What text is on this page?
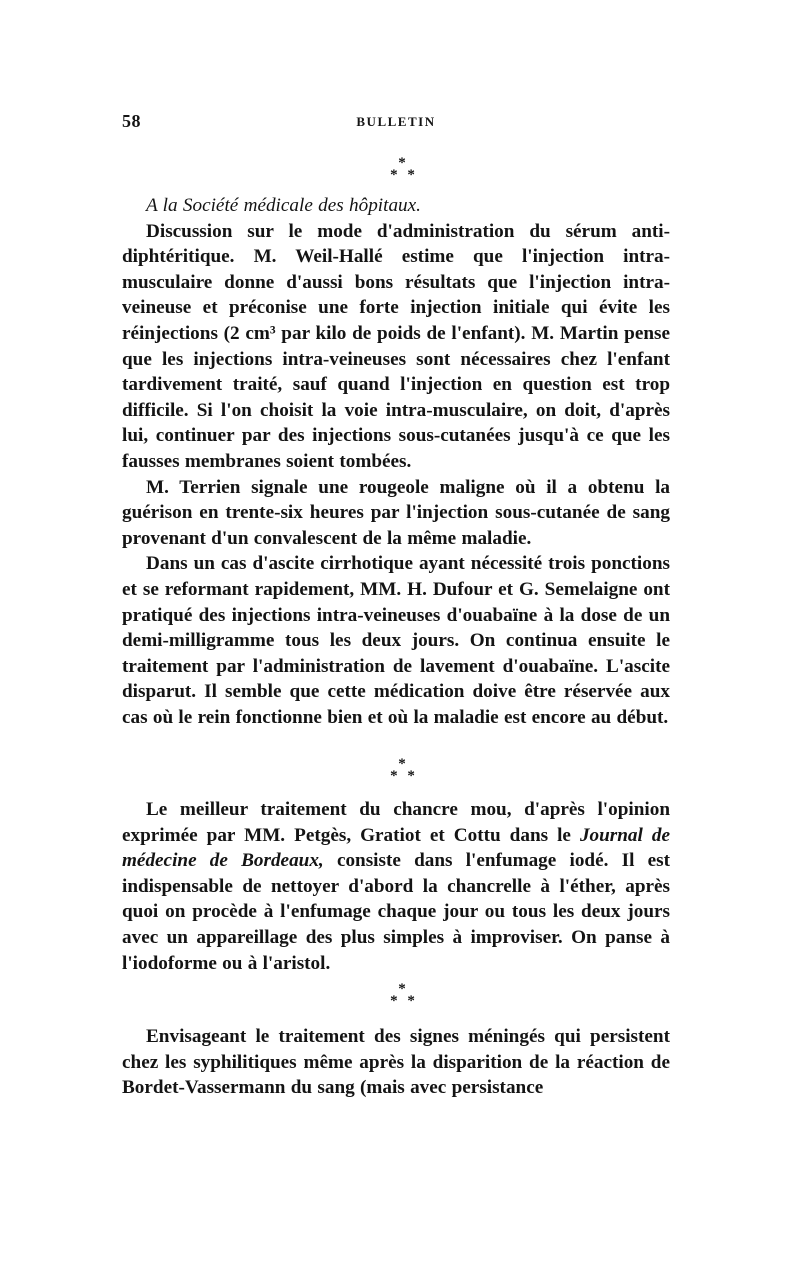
58	BULLETIN
*
* *

A la Société médicale des hôpitaux.

Discussion sur le mode d'administration du sérum anti-diphtéritique. M. Weil-Hallé estime que l'injection intra-musculaire donne d'aussi bons résultats que l'injection intra-veineuse et préconise une forte injection initiale qui évite les réinjections (2 cm³ par kilo de poids de l'enfant). M. Martin pense que les injections intra-veineuses sont nécessaires chez l'enfant tardivement traité, sauf quand l'injection en question est trop difficile. Si l'on choisit la voie intra-musculaire, on doit, d'après lui, continuer par des injections sous-cutanées jusqu'à ce que les fausses membranes soient tombées.

M. Terrien signale une rougeole maligne où il a obtenu la guérison en trente-six heures par l'injection sous-cutanée de sang provenant d'un convalescent de la même maladie.

Dans un cas d'ascite cirrhotique ayant nécessité trois ponctions et se reformant rapidement, MM. H. Dufour et G. Semelaigne ont pratiqué des injections intra-veineuses d'ouabaïne à la dose de un demi-milligramme tous les deux jours. On continua ensuite le traitement par l'administration de lavement d'ouabaïne. L'ascite disparut. Il semble que cette médication doive être réservée aux cas où le rein fonctionne bien et où la maladie est encore au début.

*
* *

Le meilleur traitement du chancre mou, d'après l'opinion exprimée par MM. Petgès, Gratiot et Cottu dans le Journal de médecine de Bordeaux, consiste dans l'enfumage iodé. Il est indispensable de nettoyer d'abord la chancrelle à l'éther, après quoi on procède à l'enfumage chaque jour ou tous les deux jours avec un appareillage des plus simples à improviser. On panse à l'iodoforme ou à l'aristol.

*
* *

Envisageant le traitement des signes méningés qui persistent chez les syphilitiques même après la disparition de la réaction de Bordet-Vassermann du sang (mais avec persistance
